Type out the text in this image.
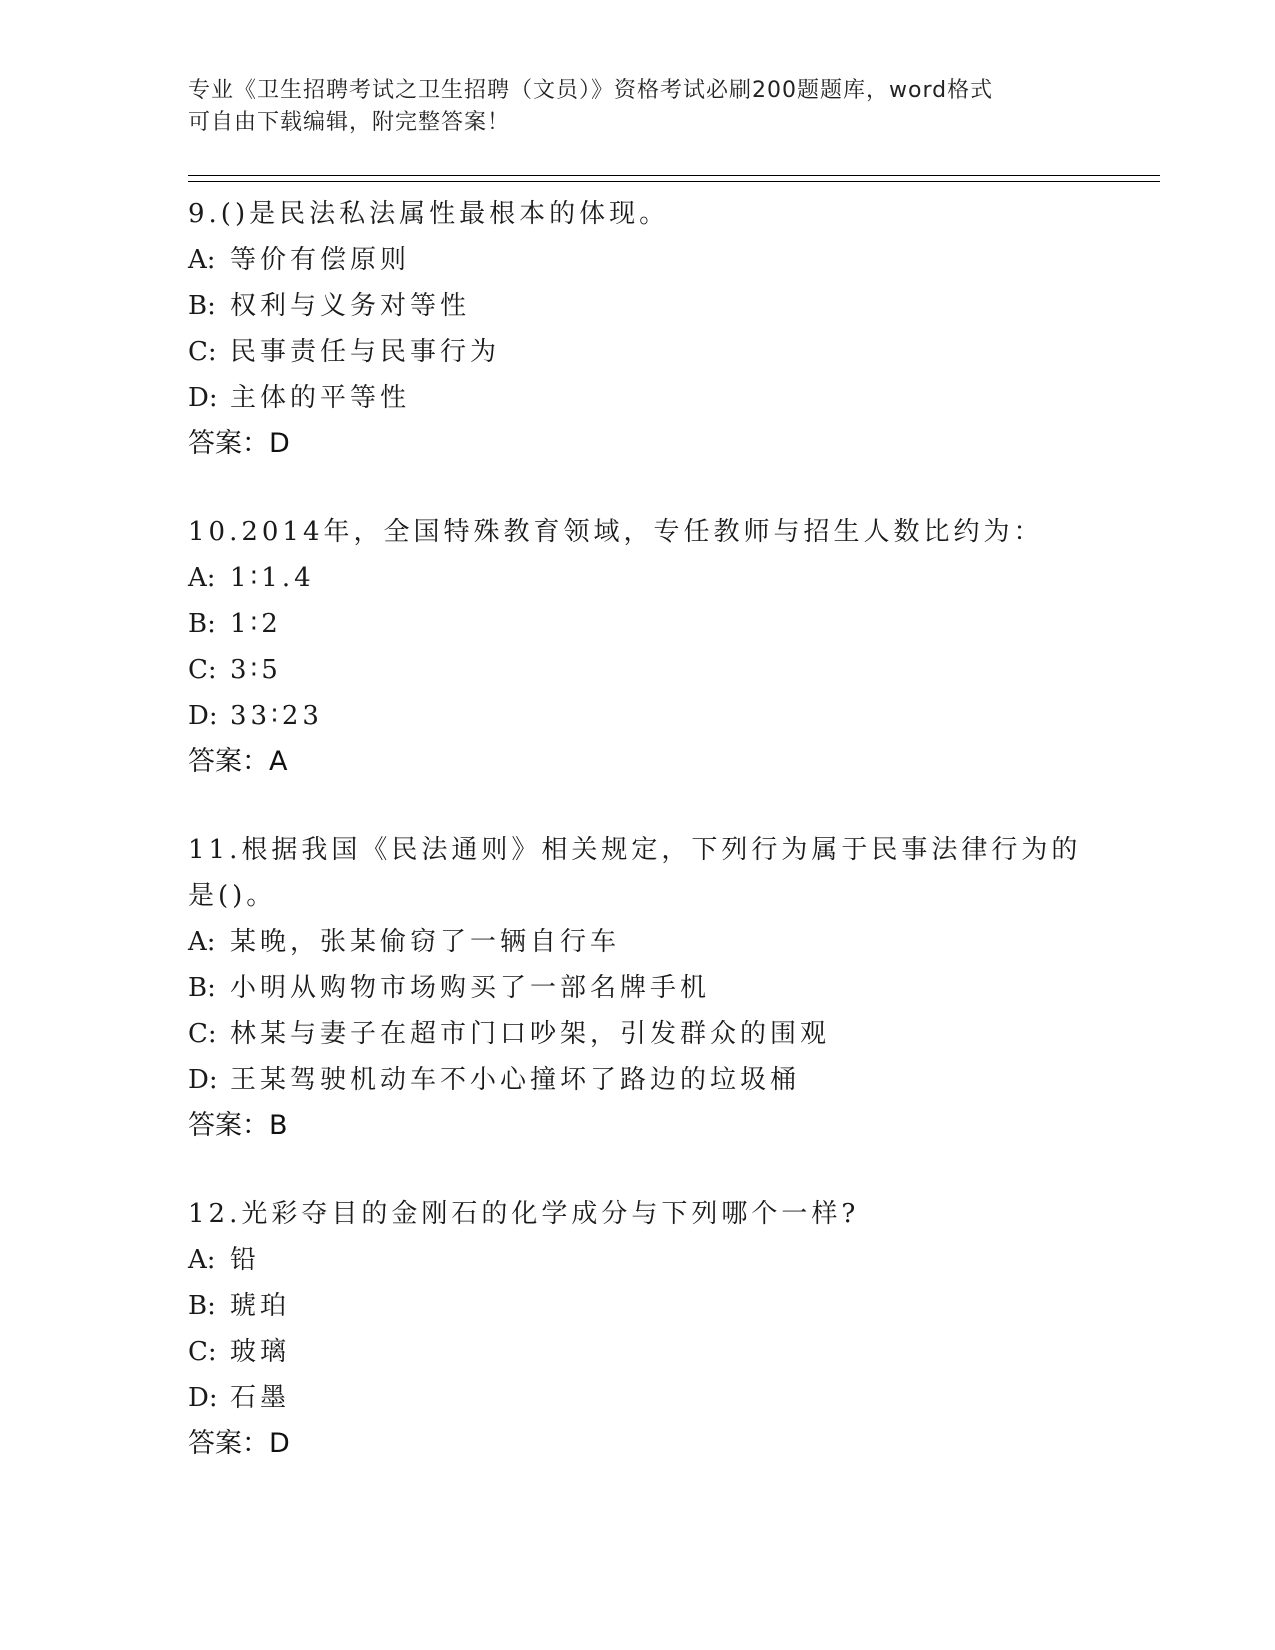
专业《卫生招聘考试之卫生招聘（文员）》资格考试必刷200题题库，word格式
可自由下载编辑，附完整答案！
9.()是民法私法属性最根本的体现。
A: 等价有偿原则
B: 权利与义务对等性
C: 民事责任与民事行为
D: 主体的平等性
答案：D
10.2014年，全国特殊教育领域，专任教师与招生人数比约为：
A: 1∶1.4
B: 1∶2
C: 3∶5
D: 33∶23
答案：A
11.根据我国《民法通则》相关规定，下列行为属于民事法律行为的是()。
A: 某晚，张某偷窃了一辆自行车
B: 小明从购物市场购买了一部名牌手机
C: 林某与妻子在超市门口吵架，引发群众的围观
D: 王某驾驶机动车不小心撞坏了路边的垃圾桶
答案：B
12.光彩夺目的金刚石的化学成分与下列哪个一样?
A: 铅
B: 琥珀
C: 玻璃
D: 石墨
答案：D
